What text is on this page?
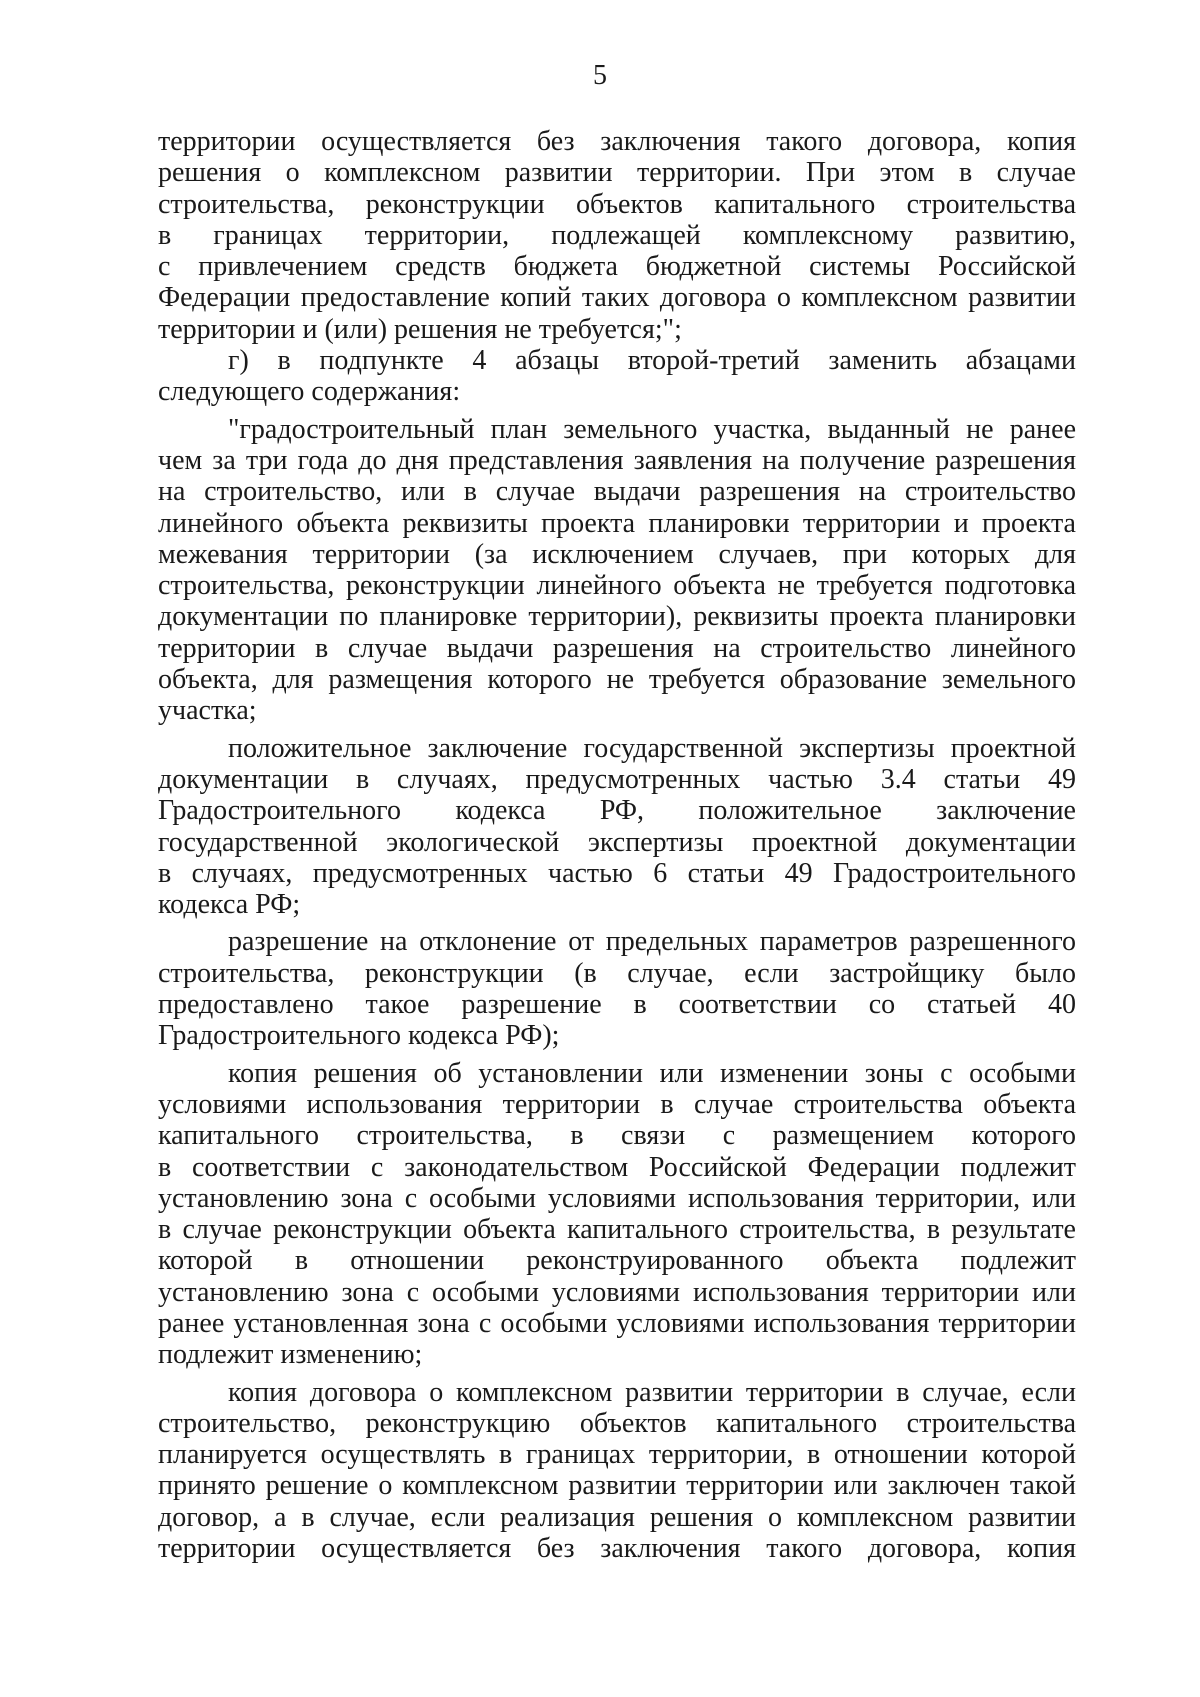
5
территории осуществляется без заключения такого договора, копия
решения о комплексном развитии территории. При этом в случае
строительства, реконструкции объектов капитального строительства
в границах территории, подлежащей комплексному развитию,
с привлечением средств бюджета бюджетной системы Российской
Федерации предоставление копий таких договора о комплексном развитии
территории и (или) решения не требуется;";
г) в подпункте 4 абзацы второй-третий заменить абзацами
следующего содержания:
"градостроительный план земельного участка, выданный не ранее
чем за три года до дня представления заявления на получение разрешения
на строительство, или в случае выдачи разрешения на строительство
линейного объекта реквизиты проекта планировки территории и проекта
межевания территории (за исключением случаев, при которых для
строительства, реконструкции линейного объекта не требуется подготовка
документации по планировке территории), реквизиты проекта планировки
территории в случае выдачи разрешения на строительство линейного
объекта, для размещения которого не требуется образование земельного
участка;
положительное заключение государственной экспертизы проектной
документации в случаях, предусмотренных частью 3.4 статьи 49
Градостроительного кодекса РФ, положительное заключение
государственной экологической экспертизы проектной документации
в случаях, предусмотренных частью 6 статьи 49 Градостроительного
кодекса РФ;
разрешение на отклонение от предельных параметров разрешенного
строительства, реконструкции (в случае, если застройщику было
предоставлено такое разрешение в соответствии со статьей 40
Градостроительного кодекса РФ);
копия решения об установлении или изменении зоны с особыми
условиями использования территории в случае строительства объекта
капитального строительства, в связи с размещением которого
в соответствии с законодательством Российской Федерации подлежит
установлению зона с особыми условиями использования территории, или
в случае реконструкции объекта капитального строительства, в результате
которой в отношении реконструированного объекта подлежит
установлению зона с особыми условиями использования территории или
ранее установленная зона с особыми условиями использования территории
подлежит изменению;
копия договора о комплексном развитии территории в случае, если
строительство, реконструкцию объектов капитального строительства
планируется осуществлять в границах территории, в отношении которой
принято решение о комплексном развитии территории или заключен такой
договор, а в случае, если реализация решения о комплексном развитии
территории осуществляется без заключения такого договора, копия
